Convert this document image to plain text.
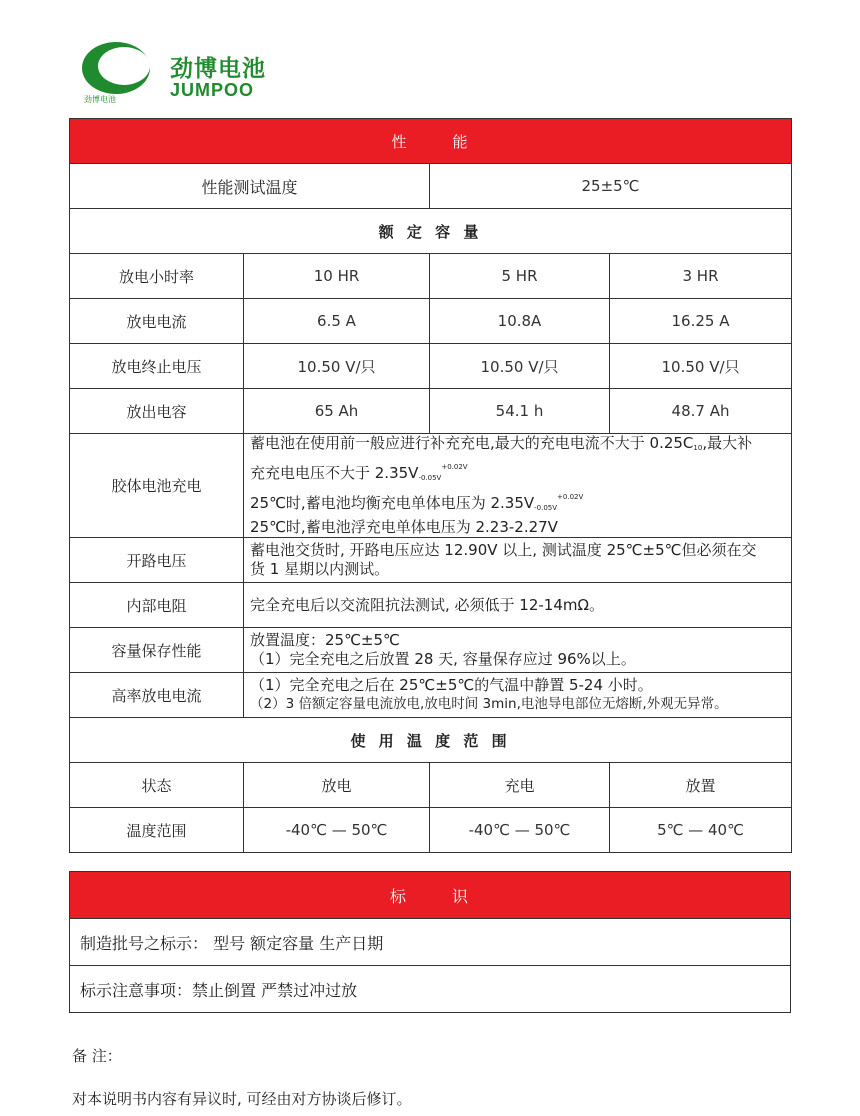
劲博电池
劲博电池
JUMPOO
性 能			
性能测试温度		25±5℃	
额 定 容 量			
放电小时率	10 HR	5 HR	3 HR
放电电流	6.5 A	10.8A	16.25 A
放电终止电压	10.50 V/只	10.50 V/只	10.50 V/只
放出电容	65 Ah	54.1 h	48.7 Ah
胶体电池充电	蓄电池在使用前一般应进行补充充电,最大的充电电流不大于 $0.25C_{10}$,最大补
充充电电压不大于 $2.35V_{-0.05V}^{+0.02V}$
25℃时,蓄电池均衡充电单体电压为 $2.35V_{-0.05V}^{+0.02V}$
25℃时,蓄电池浮充电单体电压为 2.23-2.27V		

开路电压	蓄电池交货时, 开路电压应达 12.90V 以上, 测试温度 25℃±5℃但必须在交
货 1 星期以内测试。		

内部电阻	完全充电后以交流阻抗法测试, 必须低于 12-14mΩ。		
容量保存性能	放置温度：25℃±5℃
（1）完全充电之后放置 28 天, 容量保存应过 96%以上。		

高率放电电流	（1）完全充电之后在 25℃±5℃的气温中静置 5-24 小时。
（2）3 倍额定容量电流放电,放电时间 3min,电池导电部位无熔断,外观无异常。		

使 用 温 度 范 围			
状态	放电	充电	放置
温度范围	-40℃ — 50℃	-40℃ — 50℃	5℃ — 40℃
标	识
制造批号之标示： 型号 额定容量 生产日期
标示注意事项：禁止倒置 严禁过冲过放
备 注：
对本说明书内容有异议时, 可经由对方协谈后修订。
